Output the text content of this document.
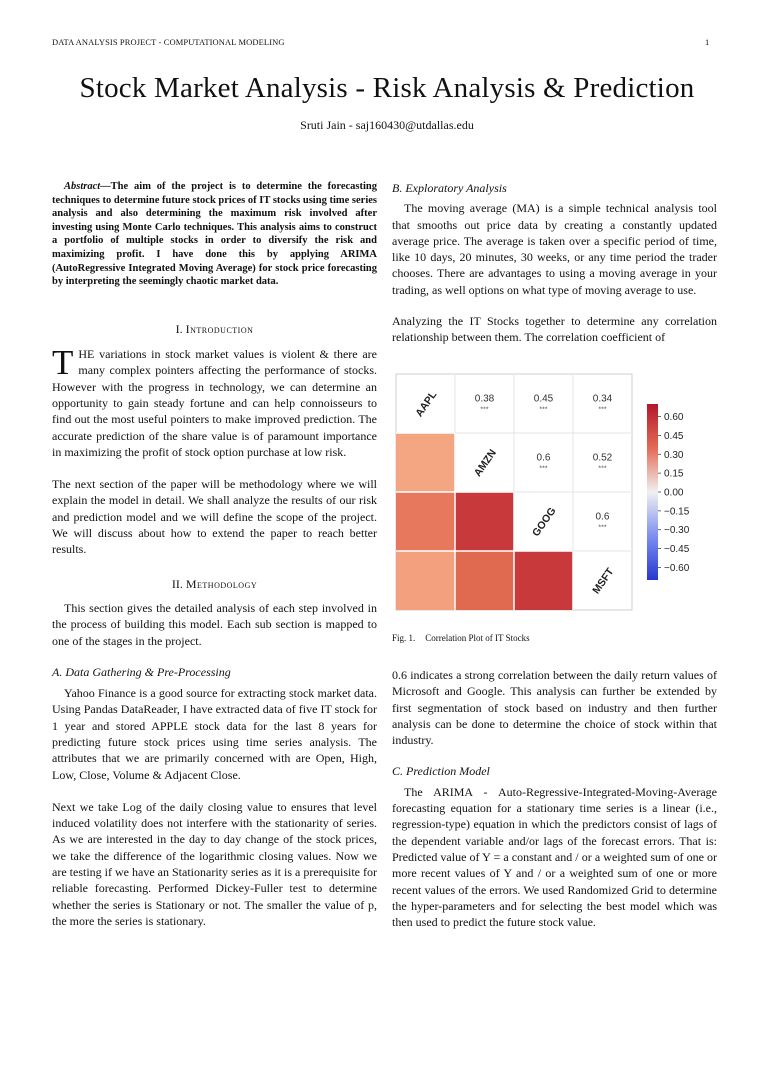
DATA ANALYSIS PROJECT - COMPUTATIONAL MODELING	1
Stock Market Analysis - Risk Analysis & Prediction
Sruti Jain - saj160430@utdallas.edu

Abstract—The aim of the project is to determine the forecasting techniques to determine future stock prices of IT stocks using time series analysis and also determining the maximum risk involved after investing using Monte Carlo techniques. This analysis aims to construct a portfolio of multiple stocks in order to diversify the risk and maximizing profit. I have done this by applying ARIMA (AutoRegressive Integrated Moving Average) for stock price forecasting by interpreting the seemingly chaotic market data.

I. Introduction

THE variations in stock market values is violent & there are many complex pointers affecting the performance of stocks. However with the progress in technology, we can determine an opportunity to gain steady fortune and can help connoisseurs to find out the most useful pointers to make improved prediction. The accurate prediction of the share value is of paramount importance in maximizing the profit of stock option purchase at low risk.

The next section of the paper will be methodology where we will explain the model in detail. We shall analyze the results of our risk and prediction model and we will define the scope of the project. We will discuss about how to extend the paper to reach better results.

II. Methodology

This section gives the detailed analysis of each step involved in the process of building this model. Each sub section is mapped to one of the stages in the project.

A. Data Gathering & Pre-Processing

Yahoo Finance is a good source for extracting stock market data. Using Pandas DataReader, I have extracted data of five IT stock for 1 year and stored APPLE stock data for the last 8 years for predicting future stock prices using time series analysis. The attributes that we are primarily concerned with are Open, High, Low, Close, Volume & Adjacent Close.

Next we take Log of the daily closing value to ensures that level induced volatility does not interfere with the stationarity of series. As we are interested in the day to day change of the stock prices, we take the difference of the logarithmic closing values. Now we are testing if we have an Stationarity series as it is a prerequisite for reliable forecasting. Performed Dickey-Fuller test to determine whether the series is Stationary or not. The smaller the value of p, the more the series is stationary.

B. Exploratory Analysis

The moving average (MA) is a simple technical analysis tool that smooths out price data by creating a constantly updated average price. The average is taken over a specific period of time, like 10 days, 20 minutes, 30 weeks, or any time period the trader chooses. There are advantages to using a moving average in your trading, as well options on what type of moving average to use.

Analyzing the IT Stocks together to determine any correlation relationship between them. The correlation coefficient of

AAPL
AMZN
GOOG
MSFT
0.38
***
0.45
***
0.34
***
0.6
***
0.52
***
0.6
***
0.60
0.45
0.30
0.15
0.00
−0.15
−0.30
−0.45
−0.60
Fig. 1. Correlation Plot of IT Stocks

0.6 indicates a strong correlation between the daily return values of Microsoft and Google. This analysis can further be extended by first segmentation of stock based on industry and then further analysis can be done to determine the choice of stock within that industry.

C. Prediction Model

The ARIMA - Auto-Regressive-Integrated-Moving-Average forecasting equation for a stationary time series is a linear (i.e., regression-type) equation in which the predictors consist of lags of the dependent variable and/or lags of the forecast errors. That is: Predicted value of Y = a constant and / or a weighted sum of one or more recent values of Y and / or a weighted sum of one or more recent values of the errors. We used Randomized Grid to determine the hyper-parameters and for selecting the best model which was then used to predict the future stock value.
